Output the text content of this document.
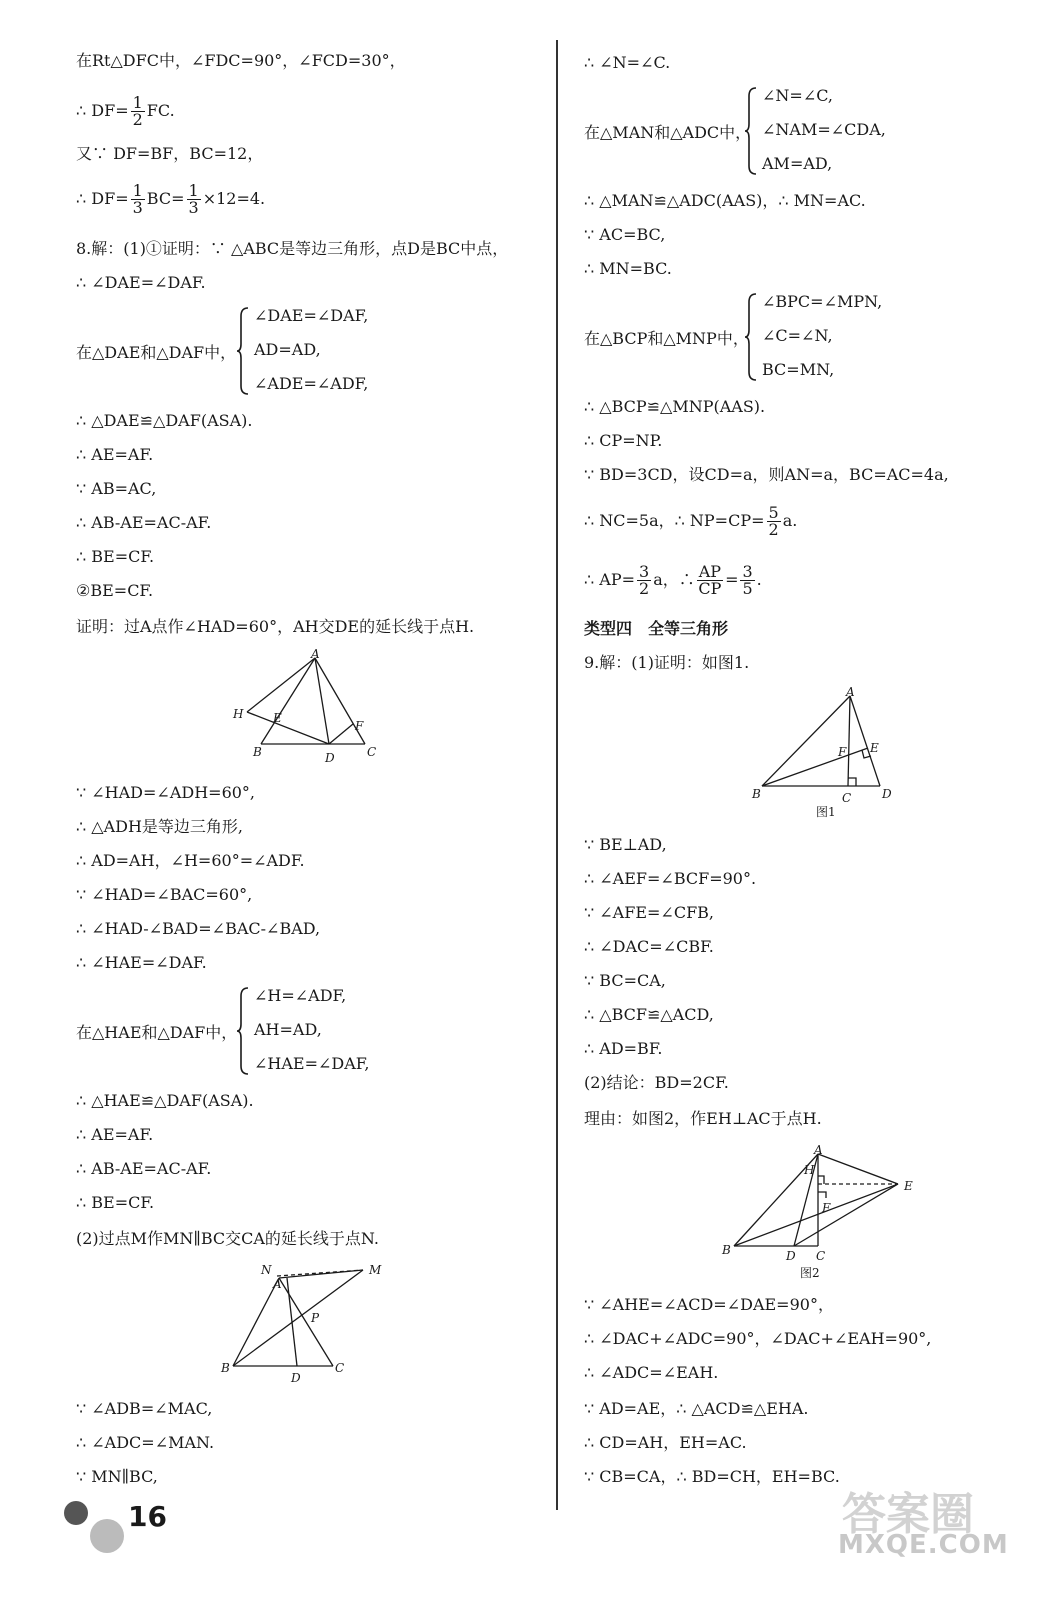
在Rt△DFC中，∠FDC=90°，∠FCD=30°，
∴ $DF= \frac{1}{2}$ FC.
又∵ DF=BF，BC=12，
∴ $DF= \frac{1}{3} BC= \frac{1}{3} \times 12=4$.
8.解：(1)①证明：∵ △ABC是等边三角形，点D是BC中点，
∴ ∠DAE=∠DAF.
在△DAE和△DAF中，
∠DAE=∠DAF,
AD=AD,
∠ADE=∠ADF,
∴ △DAE≌△DAF(ASA).
∴ AE=AF.
∵ AB=AC,
∴ AB-AE=AC-AF.
∴ BE=CF.
②BE=CF.
证明：过A点作∠HAD=60°，AH交DE的延长线于点H.
A
H E
F
B	D	C
∵ ∠HAD=∠ADH=60°,
∴ △ADH是等边三角形,
∴ AD=AH，∠H=60°=∠ADF.
∵ ∠HAD=∠BAC=60°,
∴ ∠HAD-∠BAD=∠BAC-∠BAD,
∴ ∠HAE=∠DAF.
在△HAE和△DAF中，
∠H=∠ADF,
AH=AD,
∠HAE=∠DAF,
∴ △HAE≌△DAF(ASA).
∴ AE=AF.
∴ AB-AE=AC-AF.
∴ BE=CF.
(2)过点M作MN∥BC交CA的延长线于点N.
N
A
M
P
B
D
C
∵ ∠ADB=∠MAC,
∴ ∠ADC=∠MAN.
∵ MN∥BC,
∴ ∠N=∠C.
在△MAN和△ADC中，
∠N=∠C,
∠NAM=∠CDA,
AM=AD,
∴ △MAN≌△ADC(AAS)，∴ MN=AC.
∵ AC=BC,
∴ MN=BC.
在△BCP和△MNP中，
∠BPC=∠MPN,
∠C=∠N,
BC=MN,
∴ △BCP≌△MNP(AAS).
∴ CP=NP.
∵ BD=3CD，设CD=a，则AN=a，BC=AC=4a,
∴ NC=5a，∴ $NP=CP= \frac{5}{2} a$.
∴ $AP= \frac{3}{2}$ a，∴ $\frac{AP}{CP} = \frac{3}{5}$ .
类型四　全等三角形
9.解：(1)证明：如图1.
A
F E
B	C	D
图1
∵ BE⊥AD,
∴ ∠AEF=∠BCF=90°.
∵ ∠AFE=∠CFB,
∴ ∠DAC=∠CBF.
∵ BC=CA,
∴ △BCF≌△ACD,
∴ AD=BF.
(2)结论：BD=2CF.
理由：如图2，作EH⊥AC于点H.
A
H
F
E
B	D C
图2
∵ ∠AHE=∠ACD=∠DAE=90°，
∴ ∠DAC+∠ADC=90°，∠DAC+∠EAH=90°,
∴ ∠ADC=∠EAH.
∵ AD=AE，∴ △ACD≌△EHA.
∴ CD=AH，EH=AC.
∵ CB=CA，∴ BD=CH，EH=BC.
16	答案圈
MXQE.COM
